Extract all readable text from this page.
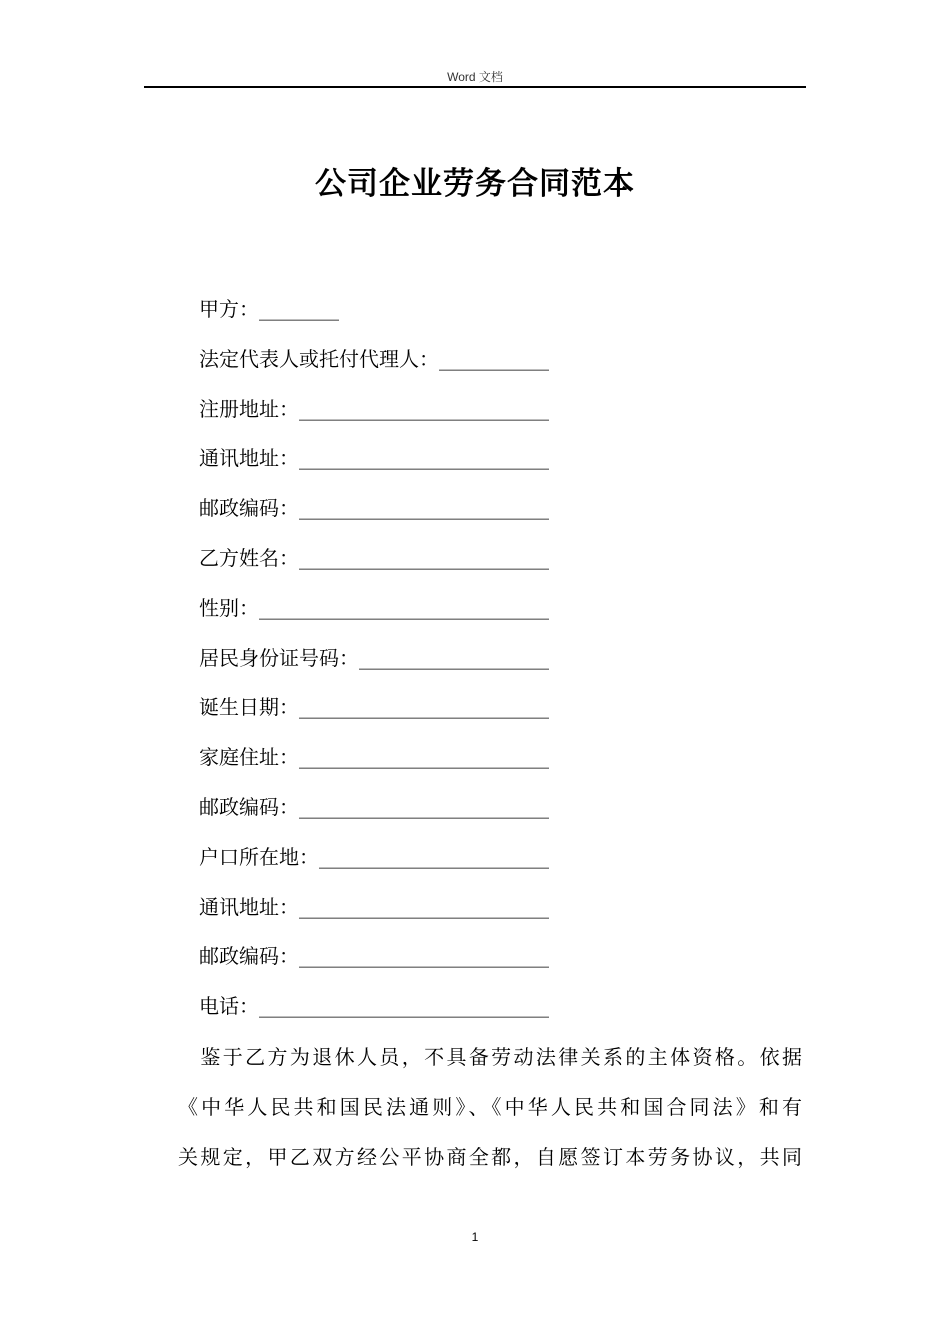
Word 文档
公司企业劳务合同范本
甲方：________
法定代表人或托付代理人：___________
注册地址：_________________________
通讯地址：_________________________
邮政编码：_________________________
乙方姓名：_________________________
性别：_____________________________
居民身份证号码：___________________
诞生日期：_________________________
家庭住址：_________________________
邮政编码：_________________________
户口所在地：_______________________
通讯地址：_________________________
邮政编码：_________________________
电话：_____________________________
　鉴于乙方为退休人员，不具备劳动法律关系的主体资格。依据
《中华人民共和国民法通则》、《中华人民共和国合同法》和有
关规定，甲乙双方经公平协商全都，自愿签订本劳务协议，共同
1
